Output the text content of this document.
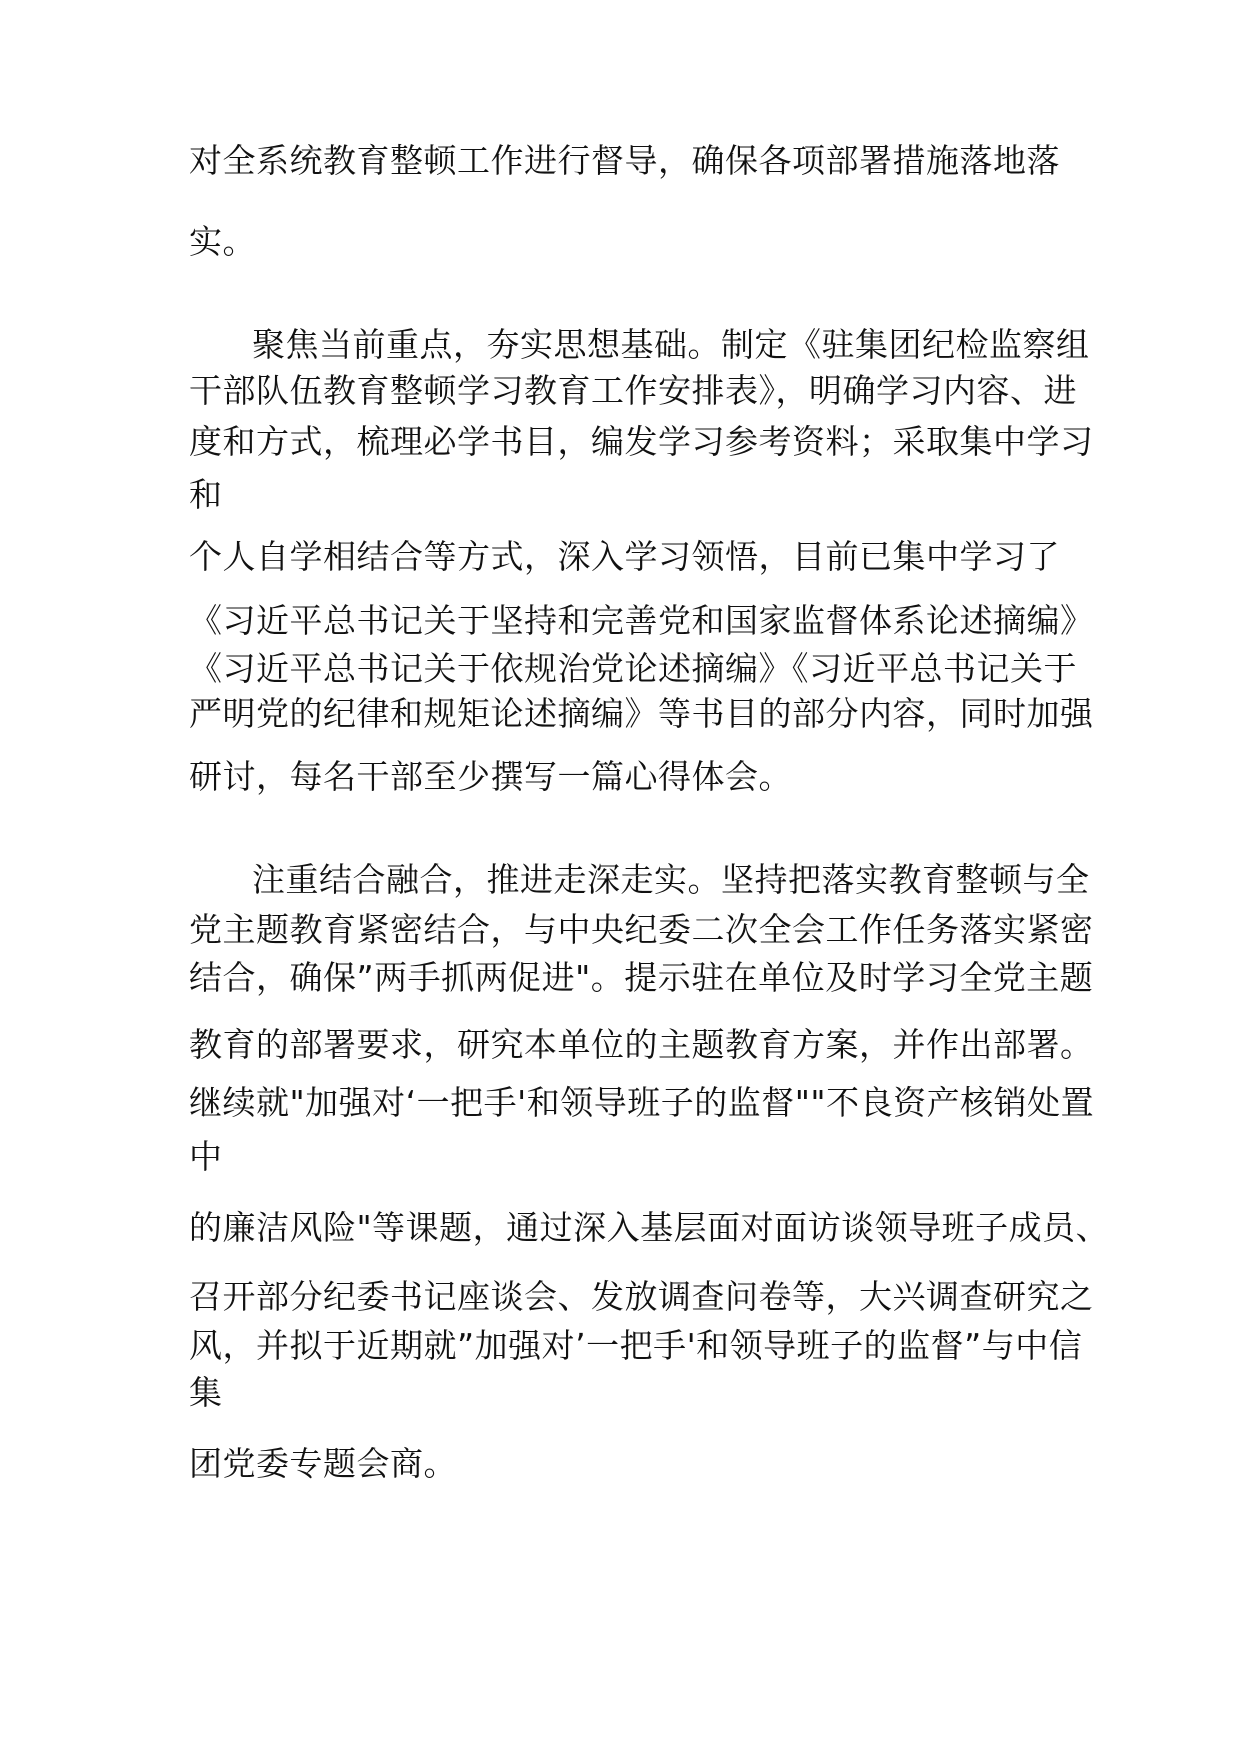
对全系统教育整顿工作进行督导，确保各项部署措施落地落
实。
聚焦当前重点，夯实思想基础。制定《驻集团纪检监察组
干部队伍教育整顿学习教育工作安排表》，明确学习内容、进
度和方式，梳理必学书目，编发学习参考资料；采取集中学习
和
个人自学相结合等方式，深入学习领悟，目前已集中学习了
《习近平总书记关于坚持和完善党和国家监督体系论述摘编》
《习近平总书记关于依规治党论述摘编》《习近平总书记关于
严明党的纪律和规矩论述摘编》等书目的部分内容，同时加强
研讨，每名干部至少撰写一篇心得体会。
注重结合融合，推进走深走实。坚持把落实教育整顿与全
党主题教育紧密结合，与中央纪委二次全会工作任务落实紧密
结合，确保”两手抓两促进"。提示驻在单位及时学习全党主题
教育的部署要求，研究本单位的主题教育方案，并作出部署。
继续就"加强对‘一把手'和领导班子的监督""不良资产核销处置
中
的廉洁风险"等课题，通过深入基层面对面访谈领导班子成员、
召开部分纪委书记座谈会、发放调查问卷等，大兴调查研究之
风，并拟于近期就”加强对’一把手'和领导班子的监督”与中信
集
团党委专题会商。
